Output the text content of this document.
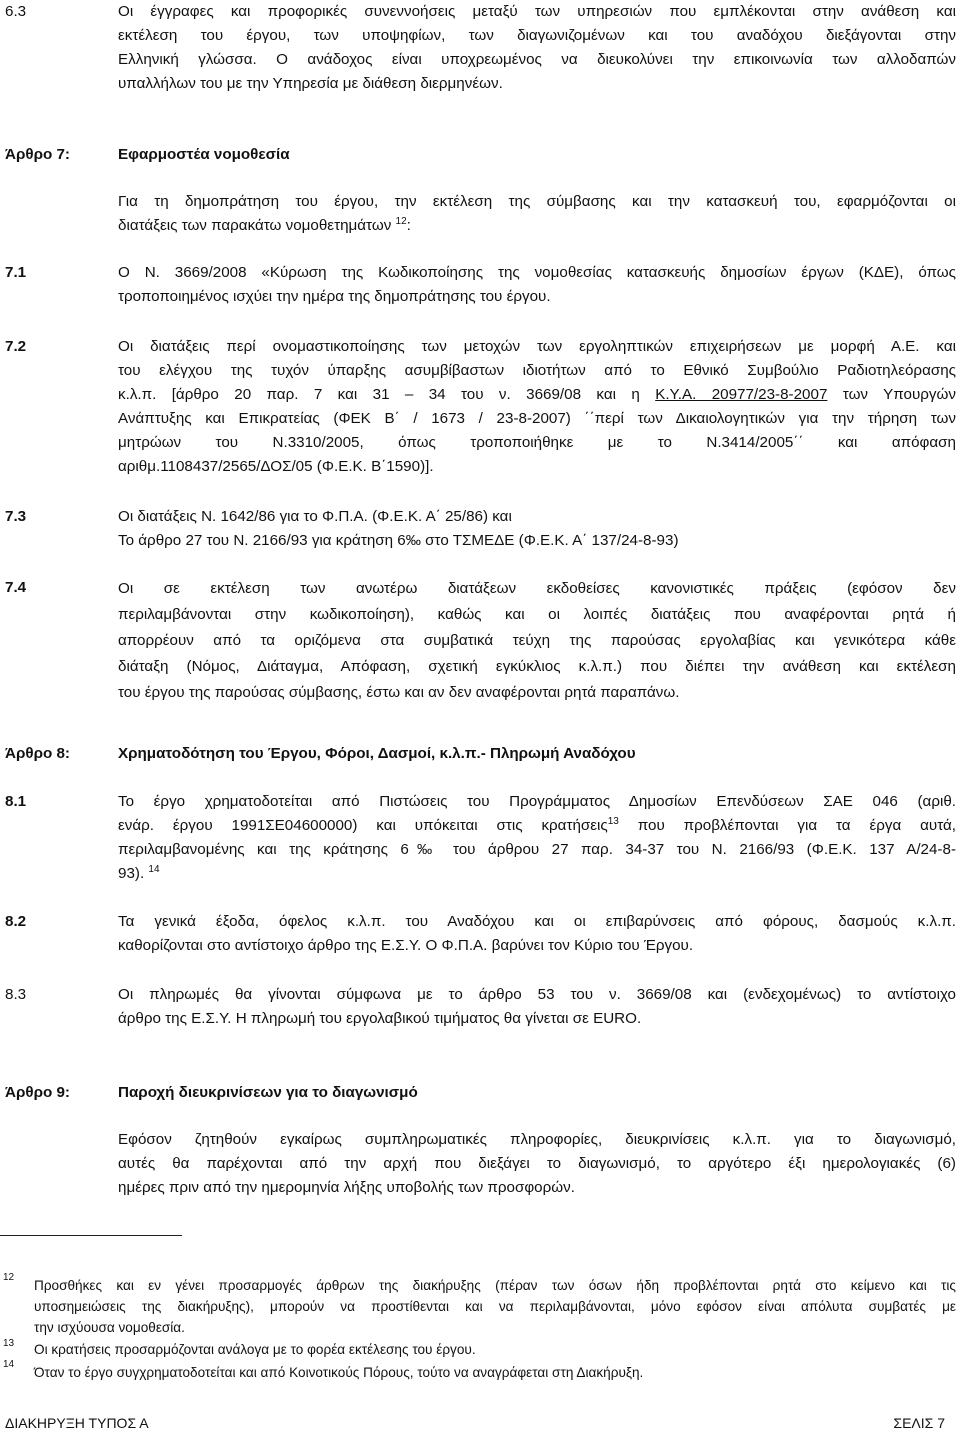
6.3	Οι έγγραφες και προφορικές συνεννοήσεις μεταξύ των υπηρεσιών που εμπλέκονται στην ανάθεση και
εκτέλεση του έργου, των υποψηφίων, των διαγωνιζομένων και του αναδόχου διεξάγονται στην
Ελληνική γλώσσα. Ο ανάδοχος είναι υποχρεωμένος να διευκολύνει την επικοινωνία των αλλοδαπών
υπαλλήλων του με την Υπηρεσία με διάθεση διερμηνέων.
Άρθρο 7:	Εφαρμοστέα νομοθεσία
Για τη δημοπράτηση του έργου, την εκτέλεση της σύμβασης και την κατασκευή του, εφαρμόζονται οι
διατάξεις των παρακάτω νομοθετημάτων $^{12}$:
7.1	Ο Ν. 3669/2008 «Κύρωση της Κωδικοποίησης της νομοθεσίας κατασκευής δημοσίων έργων (ΚΔΕ), όπως
τροποποιημένος ισχύει την ημέρα της δημοπράτησης του έργου.
7.2	Οι διατάξεις περί ονομαστικοποίησης των μετοχών των εργοληπτικών επιχειρήσεων με μορφή Α.Ε. και
του ελέγχου της τυχόν ύπαρξης ασυμβίβαστων ιδιοτήτων από το Εθνικό Συμβούλιο Ραδιοτηλεόρασης
κ.λ.π. [άρθρο 20 παρ. 7 και 31 – 34 του ν. 3669/08 και η Κ.Υ.Α. 20977/23-8-2007 των Υπουργών
Ανάπτυξης και Επικρατείας (ΦΕΚ Β΄ / 1673 / 23-8-2007) ΄΄περί των Δικαιολογητικών για την τήρηση των
μητρώων του Ν.3310/2005, όπως τροποποιήθηκε με το Ν.3414/2005΄΄ και απόφαση
αριθμ.1108437/2565/ΔΟΣ/05 (Φ.Ε.Κ. Β΄1590)].
7.3	Οι διατάξεις Ν. 1642/86 για το Φ.Π.Α. (Φ.Ε.Κ. Α΄ 25/86) και
Το άρθρο 27 του Ν. 2166/93 για κράτηση 6‰ στο ΤΣΜΕΔΕ (Φ.Ε.Κ. Α΄ 137/24-8-93)
7.4	Οι σε εκτέλεση των ανωτέρω διατάξεων εκδοθείσες κανονιστικές πράξεις (εφόσον δεν
περιλαμβάνονται στην κωδικοποίηση), καθώς και οι λοιπές διατάξεις που αναφέρονται ρητά ή
απορρέουν από τα οριζόμενα στα συμβατικά τεύχη της παρούσας εργολαβίας και γενικότερα κάθε
διάταξη (Νόμος, Διάταγμα, Απόφαση, σχετική εγκύκλιος κ.λ.π.) που διέπει την ανάθεση και εκτέλεση
του έργου της παρούσας σύμβασης, έστω και αν δεν αναφέρονται ρητά παραπάνω.
Άρθρο 8:	Χρηματοδότηση του Έργου, Φόροι, Δασμοί, κ.λ.π.- Πληρωμή Αναδόχου
8.1	Το έργο χρηματοδοτείται από Πιστώσεις του Προγράμματος Δημοσίων Επενδύσεων ΣΑΕ 046 (αριθ.
ενάρ. έργου 1991ΣΕ04600000) και υπόκειται στις κρατήσεις$^{13}$ που προβλέπονται για τα έργα αυτά,
περιλαμβανομένης και της κράτησης 6‰ του άρθρου 27 παρ. 34-37 του Ν. 2166/93 (Φ.Ε.Κ. 137 Α/24-8-
93). $^{14}$
8.2	Τα γενικά έξοδα, όφελος κ.λ.π. του Αναδόχου και οι επιβαρύνσεις από φόρους, δασμούς κ.λ.π.
καθορίζονται στο αντίστοιχο άρθρο της Ε.Σ.Υ. Ο Φ.Π.Α. βαρύνει τον Κύριο του Έργου.
8.3	Οι πληρωμές θα γίνονται σύμφωνα με το άρθρο 53 του ν. 3669/08 και (ενδεχομένως) το αντίστοιχο
άρθρο της Ε.Σ.Υ. Η πληρωμή του εργολαβικού τιμήματος θα γίνεται σε EURO.
Άρθρο 9:	Παροχή διευκρινίσεων για το διαγωνισμό
Εφόσον ζητηθούν εγκαίρως συμπληρωματικές πληροφορίες, διευκρινίσεις κ.λ.π. για το διαγωνισμό,
αυτές θα παρέχονται από την αρχή που διεξάγει το διαγωνισμό, το αργότερο έξι ημερολογιακές (6)
ημέρες πριν από την ημερομηνία λήξης υποβολής των προσφορών.
12
Προσθήκες και εν γένει προσαρμογές άρθρων της διακήρυξης (πέραν των όσων ήδη προβλέπονται ρητά στο κείμενο και τις
υποσημειώσεις της διακήρυξης), μπορούν να προστίθενται και να περιλαμβάνονται, μόνο εφόσον είναι απόλυτα συμβατές με
την ισχύουσα νομοθεσία.
13 Οι κρατήσεις προσαρμόζονται ανάλογα με το φορέα εκτέλεσης του έργου.
14
Όταν το έργο συγχρηματοδοτείται και από Κοινοτικούς Πόρους, τούτο να αναγράφεται στη Διακήρυξη.
ΔΙΑΚΗΡΥΞΗ ΤΥΠΟΣ Α	ΣΕΛΙΣ 7
